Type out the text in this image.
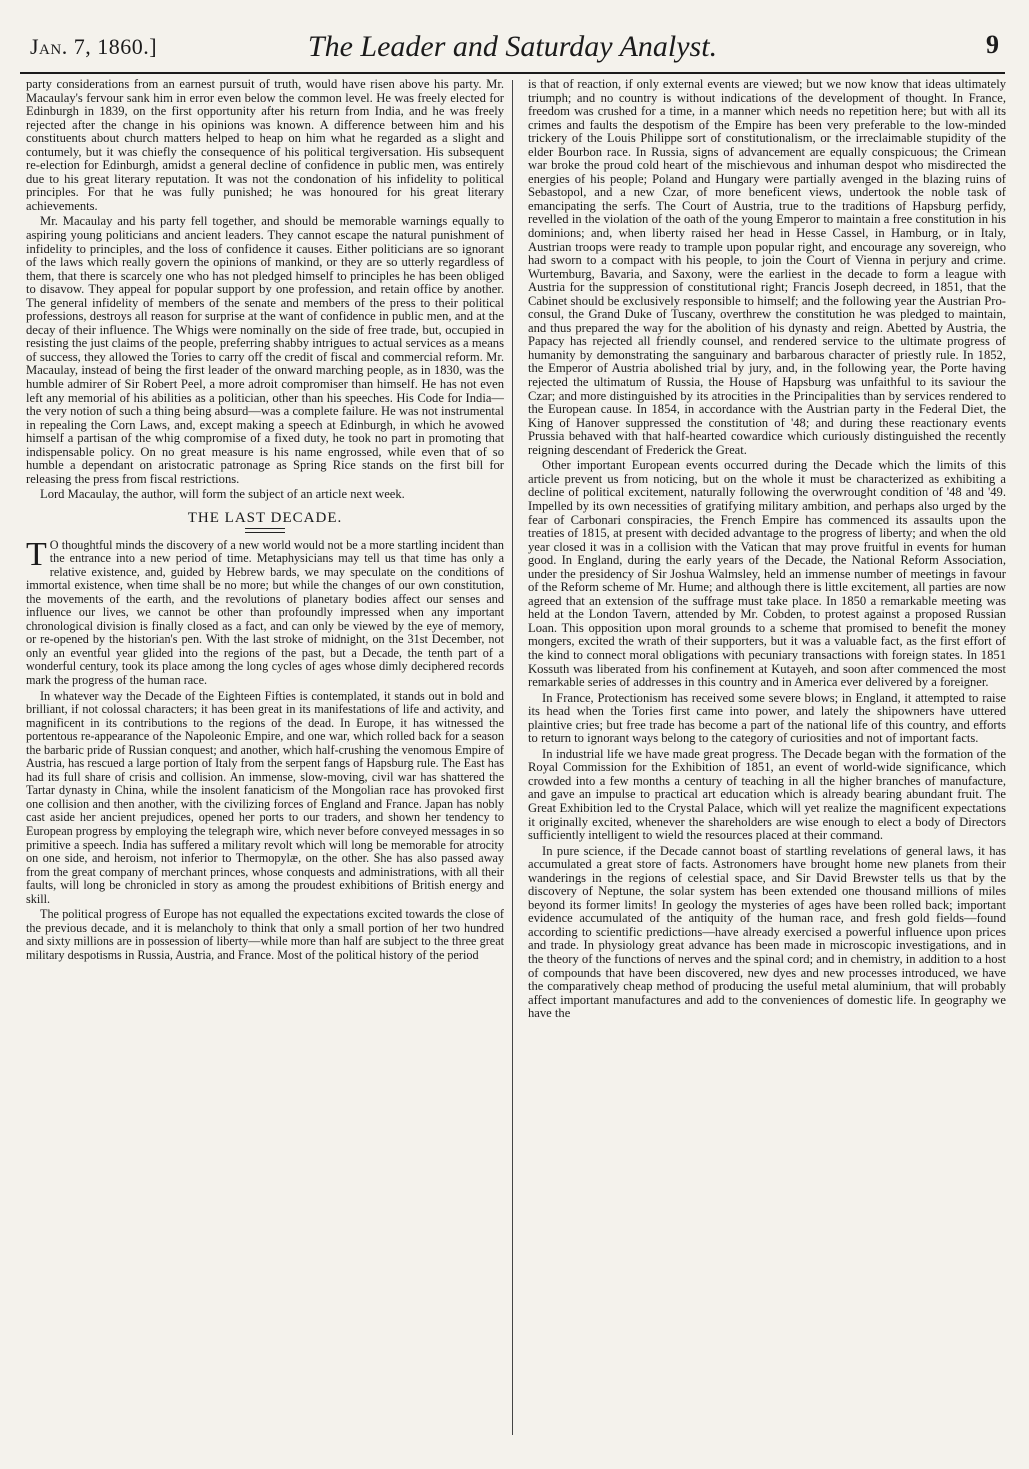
Jan. 7, 1860.]	The Leader and Saturday Analyst.	9

party considerations from an earnest pursuit of truth, would have risen above his party. Mr. Macaulay's fervour sank him in error even below the common level. He was freely elected for Edinburgh in 1839, on the first opportunity after his return from India, and he was freely rejected after the change in his opinions was known. A difference between him and his constituents about church matters helped to heap on him what he regarded as a slight and contumely, but it was chiefly the consequence of his political tergiversation. His subsequent re-election for Edinburgh, amidst a general decline of confidence in public men, was entirely due to his great literary reputation. It was not the condonation of his infidelity to political principles. For that he was fully punished; he was honoured for his great literary achievements.

Mr. Macaulay and his party fell together, and should be memorable warnings equally to aspiring young politicians and ancient leaders. They cannot escape the natural punishment of infidelity to principles, and the loss of confidence it causes. Either politicians are so ignorant of the laws which really govern the opinions of mankind, or they are so utterly regardless of them, that there is scarcely one who has not pledged himself to principles he has been obliged to disavow. They appeal for popular support by one profession, and retain office by another. The general infidelity of members of the senate and members of the press to their political professions, destroys all reason for surprise at the want of confidence in public men, and at the decay of their influence. The Whigs were nominally on the side of free trade, but, occupied in resisting the just claims of the people, preferring shabby intrigues to actual services as a means of success, they allowed the Tories to carry off the credit of fiscal and commercial reform. Mr. Macaulay, instead of being the first leader of the onward marching people, as in 1830, was the humble admirer of Sir Robert Peel, a more adroit compromiser than himself. He has not even left any memorial of his abilities as a politician, other than his speeches. His Code for India—the very notion of such a thing being absurd—was a complete failure. He was not instrumental in repealing the Corn Laws, and, except making a speech at Edinburgh, in which he avowed himself a partisan of the whig compromise of a fixed duty, he took no part in promoting that indispensable policy. On no great measure is his name engrossed, while even that of so humble a dependant on aristocratic patronage as Spring Rice stands on the first bill for releasing the press from fiscal restrictions.

Lord Macaulay, the author, will form the subject of an article next week.

THE LAST DECADE.

T O thoughtful minds the discovery of a new world would not be a more startling incident than the entrance into a new period of time. Metaphysicians may tell us that time has only a relative existence, and, guided by Hebrew bards, we may speculate on the conditions of immortal existence, when time shall be no more; but while the changes of our own constitution, the movements of the earth, and the revolutions of planetary bodies affect our senses and influence our lives, we cannot be other than profoundly impressed when any important chronological division is finally closed as a fact, and can only be viewed by the eye of memory, or re-opened by the historian's pen. With the last stroke of midnight, on the 31st December, not only an eventful year glided into the regions of the past, but a Decade, the tenth part of a wonderful century, took its place among the long cycles of ages whose dimly deciphered records mark the progress of the human race.

In whatever way the Decade of the Eighteen Fifties is contemplated, it stands out in bold and brilliant, if not colossal characters; it has been great in its manifestations of life and activity, and magnificent in its contributions to the regions of the dead. In Europe, it has witnessed the portentous re-appearance of the Napoleonic Empire, and one war, which rolled back for a season the barbaric pride of Russian conquest; and another, which half-crushing the venomous Empire of Austria, has rescued a large portion of Italy from the serpent fangs of Hapsburg rule. The East has had its full share of crisis and collision. An immense, slow-moving, civil war has shattered the Tartar dynasty in China, while the insolent fanaticism of the Mongolian race has provoked first one collision and then another, with the civilizing forces of England and France. Japan has nobly cast aside her ancient prejudices, opened her ports to our traders, and shown her tendency to European progress by employing the telegraph wire, which never before conveyed messages in so primitive a speech. India has suffered a military revolt which will long be memorable for atrocity on one side, and heroism, not inferior to Thermopylæ, on the other. She has also passed away from the great company of merchant princes, whose conquests and administrations, with all their faults, will long be chronicled in story as among the proudest exhibitions of British energy and skill.

The political progress of Europe has not equalled the expectations excited towards the close of the previous decade, and it is melancholy to think that only a small portion of her two hundred and sixty millions are in possession of liberty—while more than half are subject to the three great military despotisms in Russia, Austria, and France. Most of the political history of the period

is that of reaction, if only external events are viewed; but we now know that ideas ultimately triumph; and no country is without indications of the development of thought. In France, freedom was crushed for a time, in a manner which needs no repetition here; but with all its crimes and faults the despotism of the Empire has been very preferable to the low-minded trickery of the Louis Philippe sort of constitutionalism, or the irreclaimable stupidity of the elder Bourbon race. In Russia, signs of advancement are equally conspicuous; the Crimean war broke the proud cold heart of the mischievous and inhuman despot who misdirected the energies of his people; Poland and Hungary were partially avenged in the blazing ruins of Sebastopol, and a new Czar, of more beneficent views, undertook the noble task of emancipating the serfs. The Court of Austria, true to the traditions of Hapsburg perfidy, revelled in the violation of the oath of the young Emperor to maintain a free constitution in his dominions; and, when liberty raised her head in Hesse Cassel, in Hamburg, or in Italy, Austrian troops were ready to trample upon popular right, and encourage any sovereign, who had sworn to a compact with his people, to join the Court of Vienna in perjury and crime. Wurtemburg, Bavaria, and Saxony, were the earliest in the decade to form a league with Austria for the suppression of constitutional right; Francis Joseph decreed, in 1851, that the Cabinet should be exclusively responsible to himself; and the following year the Austrian Pro-consul, the Grand Duke of Tuscany, overthrew the constitution he was pledged to maintain, and thus prepared the way for the abolition of his dynasty and reign. Abetted by Austria, the Papacy has rejected all friendly counsel, and rendered service to the ultimate progress of humanity by demonstrating the sanguinary and barbarous character of priestly rule. In 1852, the Emperor of Austria abolished trial by jury, and, in the following year, the Porte having rejected the ultimatum of Russia, the House of Hapsburg was unfaithful to its saviour the Czar; and more distinguished by its atrocities in the Principalities than by services rendered to the European cause. In 1854, in accordance with the Austrian party in the Federal Diet, the King of Hanover suppressed the constitution of '48; and during these reactionary events Prussia behaved with that half-hearted cowardice which curiously distinguished the recently reigning descendant of Frederick the Great.

Other important European events occurred during the Decade which the limits of this article prevent us from noticing, but on the whole it must be characterized as exhibiting a decline of political excitement, naturally following the overwrought condition of '48 and '49. Impelled by its own necessities of gratifying military ambition, and perhaps also urged by the fear of Carbonari conspiracies, the French Empire has commenced its assaults upon the treaties of 1815, at present with decided advantage to the progress of liberty; and when the old year closed it was in a collision with the Vatican that may prove fruitful in events for human good. In England, during the early years of the Decade, the National Reform Association, under the presidency of Sir Joshua Walmsley, held an immense number of meetings in favour of the Reform scheme of Mr. Hume; and although there is little excitement, all parties are now agreed that an extension of the suffrage must take place. In 1850 a remarkable meeting was held at the London Tavern, attended by Mr. Cobden, to protest against a proposed Russian Loan. This opposition upon moral grounds to a scheme that promised to benefit the money mongers, excited the wrath of their supporters, but it was a valuable fact, as the first effort of the kind to connect moral obligations with pecuniary transactions with foreign states. In 1851 Kossuth was liberated from his confinement at Kutayeh, and soon after commenced the most remarkable series of addresses in this country and in America ever delivered by a foreigner.

In France, Protectionism has received some severe blows; in England, it attempted to raise its head when the Tories first came into power, and lately the shipowners have uttered plaintive cries; but free trade has become a part of the national life of this country, and efforts to return to ignorant ways belong to the category of curiosities and not of important facts.

In industrial life we have made great progress. The Decade began with the formation of the Royal Commission for the Exhibition of 1851, an event of world-wide significance, which crowded into a few months a century of teaching in all the higher branches of manufacture, and gave an impulse to practical art education which is already bearing abundant fruit. The Great Exhibition led to the Crystal Palace, which will yet realize the magnificent expectations it originally excited, whenever the shareholders are wise enough to elect a body of Directors sufficiently intelligent to wield the resources placed at their command.

In pure science, if the Decade cannot boast of startling revelations of general laws, it has accumulated a great store of facts. Astronomers have brought home new planets from their wanderings in the regions of celestial space, and Sir David Brewster tells us that by the discovery of Neptune, the solar system has been extended one thousand millions of miles beyond its former limits! In geology the mysteries of ages have been rolled back; important evidence accumulated of the antiquity of the human race, and fresh gold fields—found according to scientific predictions—have already exercised a powerful influence upon prices and trade. In physiology great advance has been made in microscopic investigations, and in the theory of the functions of nerves and the spinal cord; and in chemistry, in addition to a host of compounds that have been discovered, new dyes and new processes introduced, we have the comparatively cheap method of producing the useful metal aluminium, that will probably affect important manufactures and add to the conveniences of domestic life. In geography we have the
